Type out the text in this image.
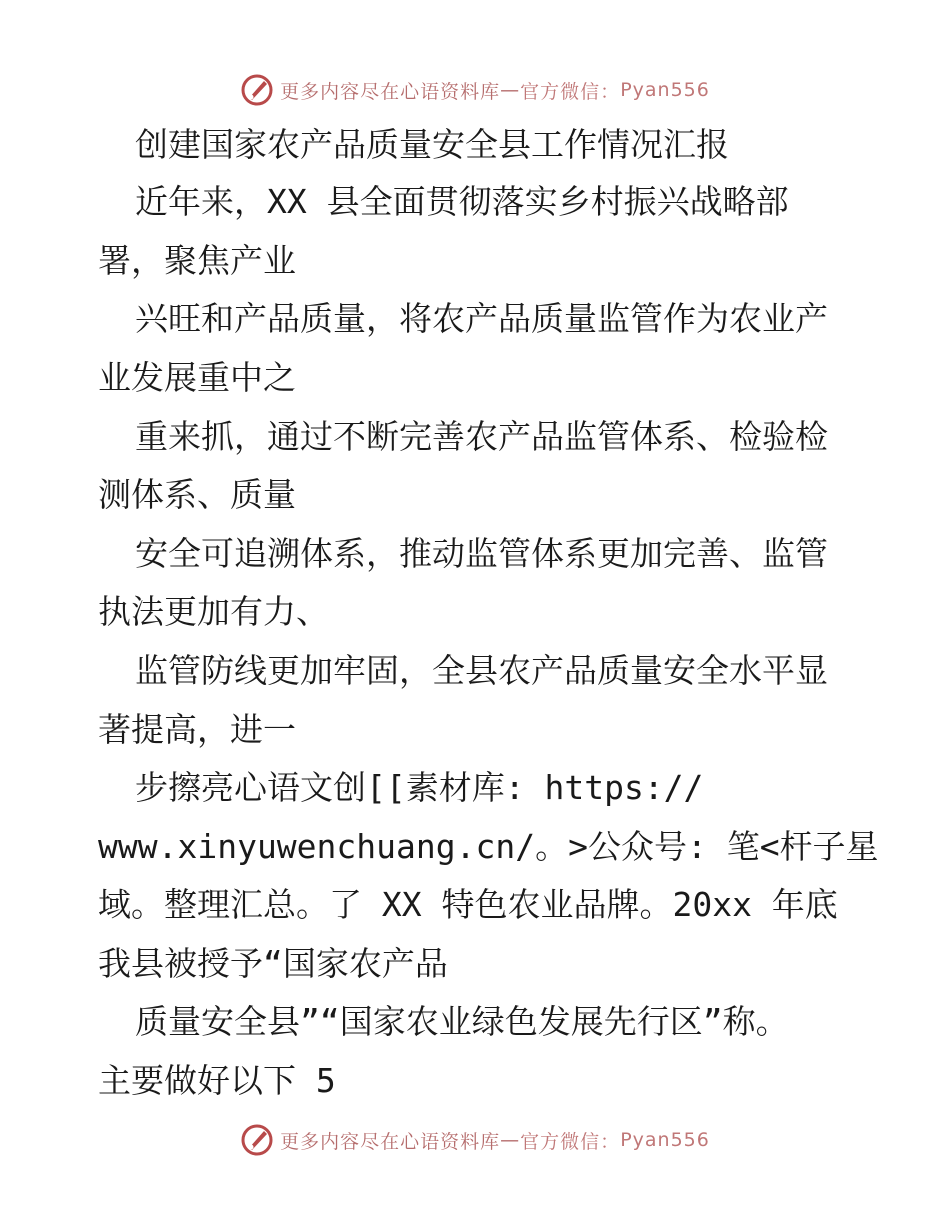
更多内容尽在心语资料库 — 官方微信： Pyan556
创建国家农产品质量安全县工作情况汇报
近年来，XX 县全面贯彻落实乡村振兴战略部
署，聚焦产业
兴旺和产品质量，将农产品质量监管作为农业产
业发展重中之
重来抓，通过不断完善农产品监管体系、检验检
测体系、质量
安全可追溯体系，推动监管体系更加完善、监管
执法更加有力、
监管防线更加牢固，全县农产品质量安全水平显
著提高，进一
步擦亮心语文创[[素材库: https://
www.xinyuwenchuang.cn/。>公众号: 笔<杆子星
域。整理汇总。了 XX 特色农业品牌。20xx 年底
我县被授予“国家农产品
质量安全县”“国家农业绿色发展先行区”称。
主要做好以下 5
更多内容尽在心语资料库 — 官方微信： Pyan556
